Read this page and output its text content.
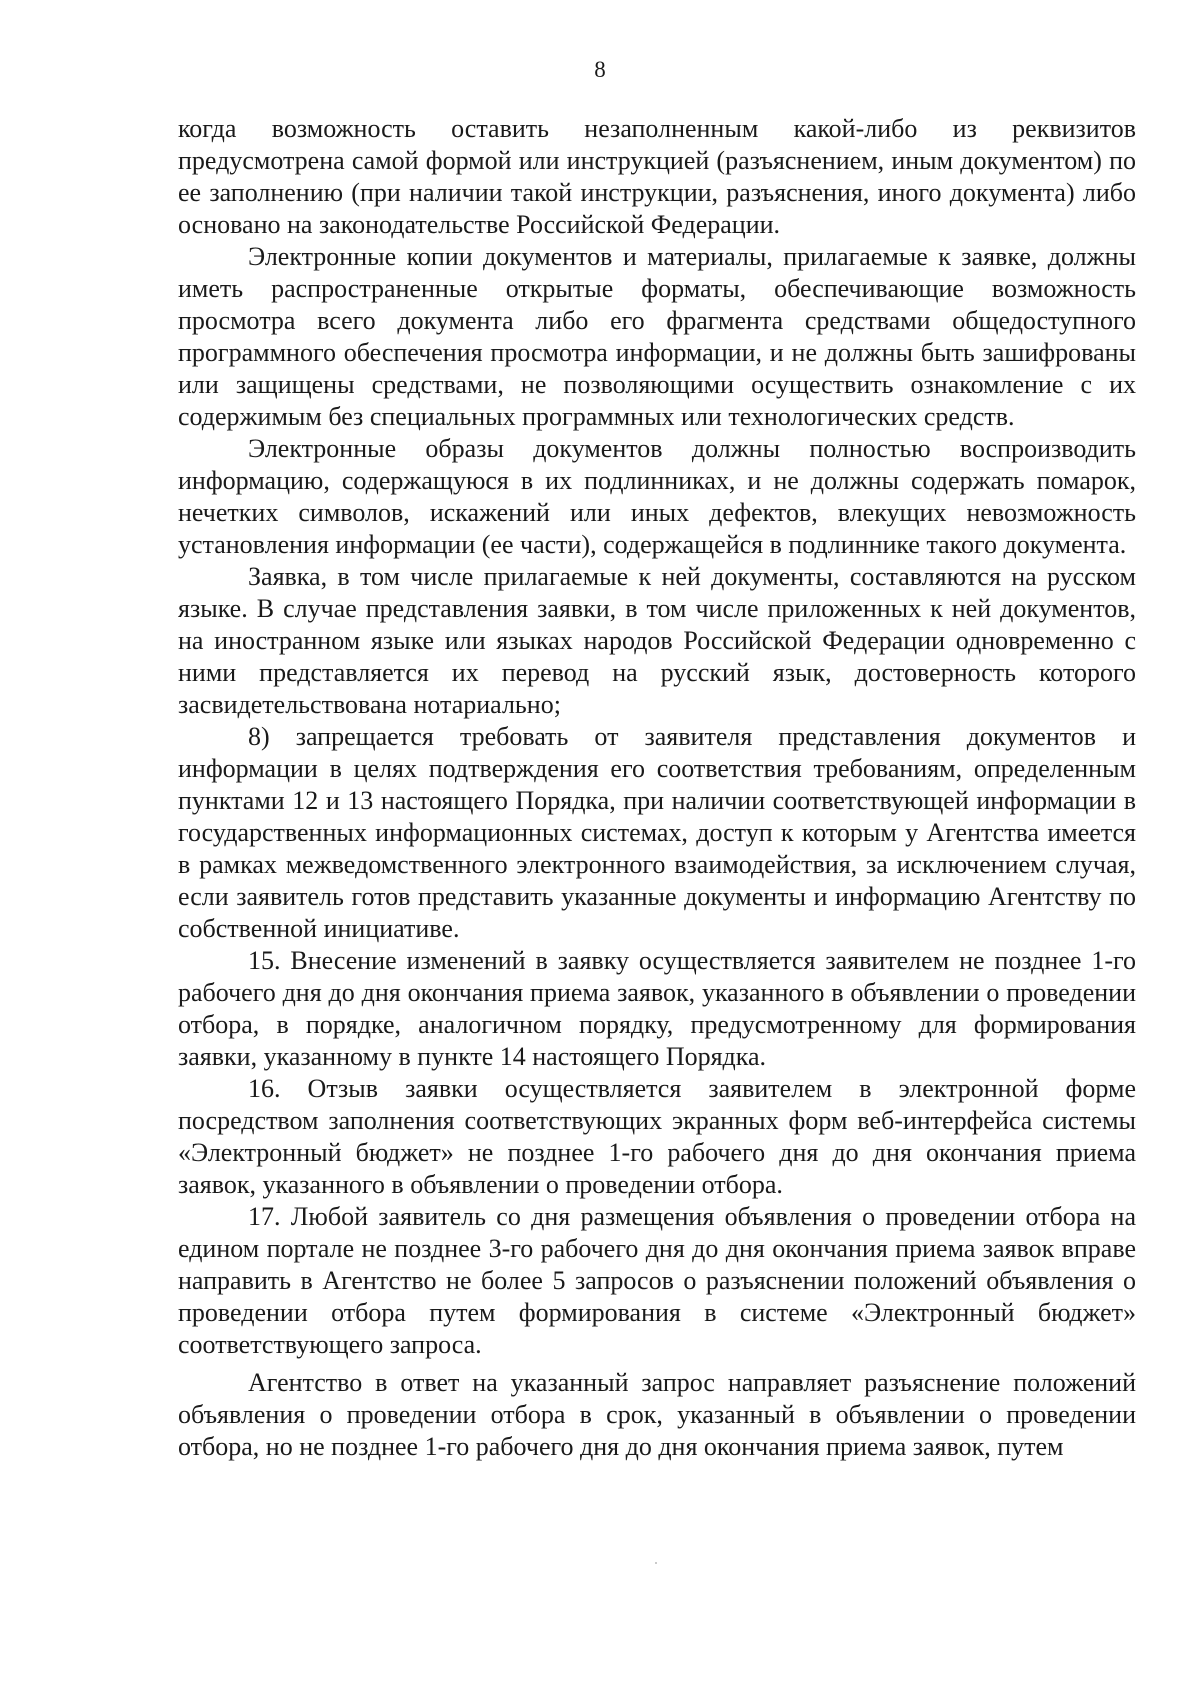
8

когда возможность оставить незаполненным какой-либо из реквизитов предусмотрена самой формой или инструкцией (разъяснением, иным документом) по ее заполнению (при наличии такой инструкции, разъяснения, иного документа) либо основано на законодательстве Российской Федерации.

Электронные копии документов и материалы, прилагаемые к заявке, должны иметь распространенные открытые форматы, обеспечивающие возможность просмотра всего документа либо его фрагмента средствами общедоступного программного обеспечения просмотра информации, и не должны быть зашифрованы или защищены средствами, не позволяющими осуществить ознакомление с их содержимым без специальных программных или технологических средств.

Электронные образы документов должны полностью воспроизводить информацию, содержащуюся в их подлинниках, и не должны содержать помарок, нечетких символов, искажений или иных дефектов, влекущих невозможность установления информации (ее части), содержащейся в подлиннике такого документа.

Заявка, в том числе прилагаемые к ней документы, составляются на русском языке. В случае представления заявки, в том числе приложенных к ней документов, на иностранном языке или языках народов Российской Федерации одновременно с ними представляется их перевод на русский язык, достоверность которого засвидетельствована нотариально;

8) запрещается требовать от заявителя представления документов и информации в целях подтверждения его соответствия требованиям, определенным пунктами 12 и 13 настоящего Порядка, при наличии соответствующей информации в государственных информационных системах, доступ к которым у Агентства имеется в рамках межведомственного электронного взаимодействия, за исключением случая, если заявитель готов представить указанные документы и информацию Агентству по собственной инициативе.

15. Внесение изменений в заявку осуществляется заявителем не позднее 1-го рабочего дня до дня окончания приема заявок, указанного в объявлении о проведении отбора, в порядке, аналогичном порядку, предусмотренному для формирования заявки, указанному в пункте 14 настоящего Порядка.

16. Отзыв заявки осуществляется заявителем в электронной форме посредством заполнения соответствующих экранных форм веб-интерфейса системы «Электронный бюджет» не позднее 1-го рабочего дня до дня окончания приема заявок, указанного в объявлении о проведении отбора.

17. Любой заявитель со дня размещения объявления о проведении отбора на едином портале не позднее 3-го рабочего дня до дня окончания приема заявок вправе направить в Агентство не более 5 запросов о разъяснении положений объявления о проведении отбора путем формирования в системе «Электронный бюджет» соответствующего запроса.

Агентство в ответ на указанный запрос направляет разъяснение положений объявления о проведении отбора в срок, указанный в объявлении о проведении отбора, но не позднее 1-го рабочего дня до дня окончания приема заявок, путем
